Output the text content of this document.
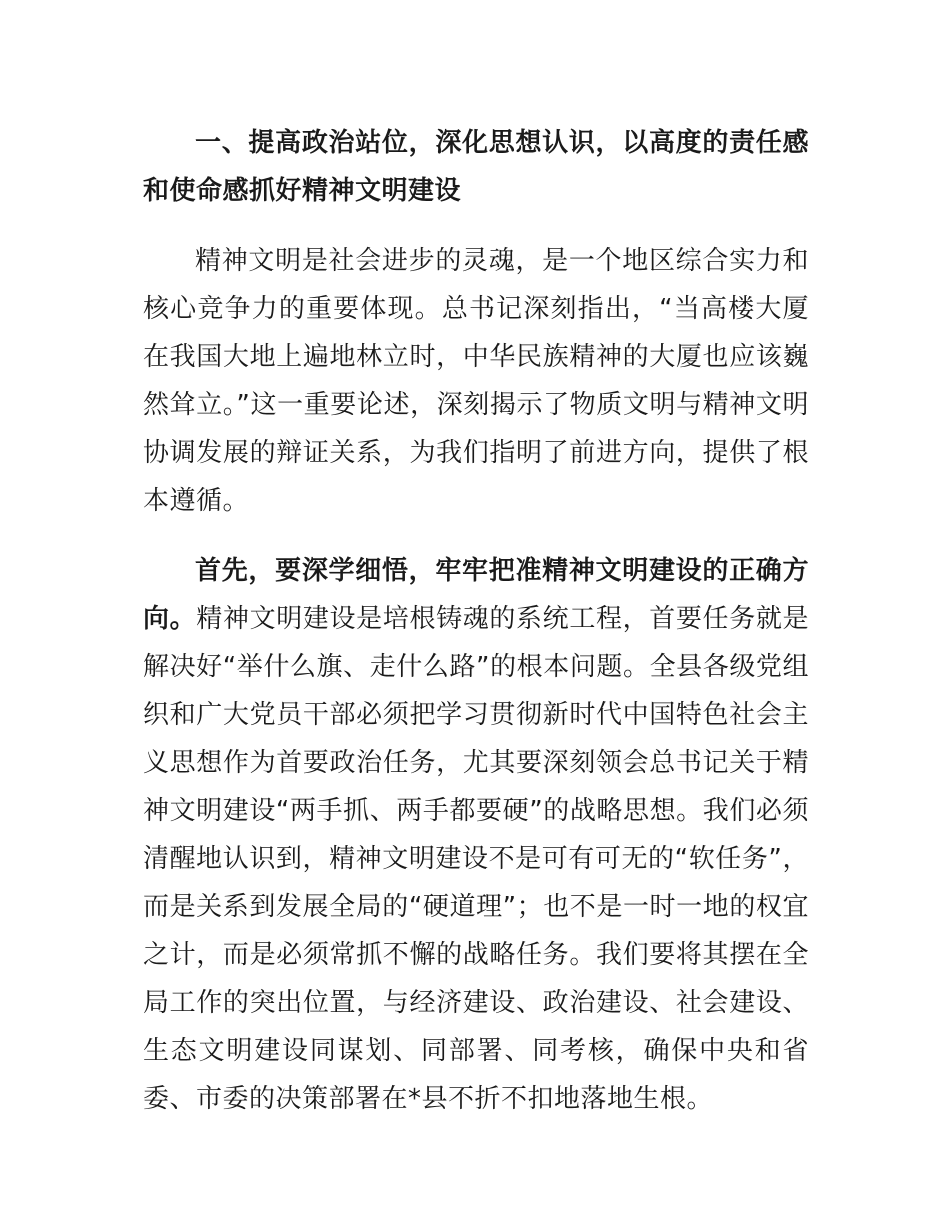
一、提高政治站位，深化思想认识，以高度的责任感和使命感抓好精神文明建设

精神文明是社会进步的灵魂，是一个地区综合实力和核心竞争力的重要体现。总书记深刻指出，“当高楼大厦在我国大地上遍地林立时，中华民族精神的大厦也应该巍然耸立。”这一重要论述，深刻揭示了物质文明与精神文明协调发展的辩证关系，为我们指明了前进方向，提供了根本遵循。

首先，要深学细悟，牢牢把准精神文明建设的正确方向。精神文明建设是培根铸魂的系统工程，首要任务就是解决好“举什么旗、走什么路”的根本问题。全县各级党组织和广大党员干部必须把学习贯彻新时代中国特色社会主义思想作为首要政治任务，尤其要深刻领会总书记关于精神文明建设“两手抓、两手都要硬”的战略思想。我们必须清醒地认识到，精神文明建设不是可有可无的“软任务”，而是关系到发展全局的“硬道理”；也不是一时一地的权宜之计，而是必须常抓不懈的战略任务。我们要将其摆在全局工作的突出位置，与经济建设、政治建设、社会建设、生态文明建设同谋划、同部署、同考核，确保中央和省委、市委的决策部署在*县不折不扣地落地生根。
